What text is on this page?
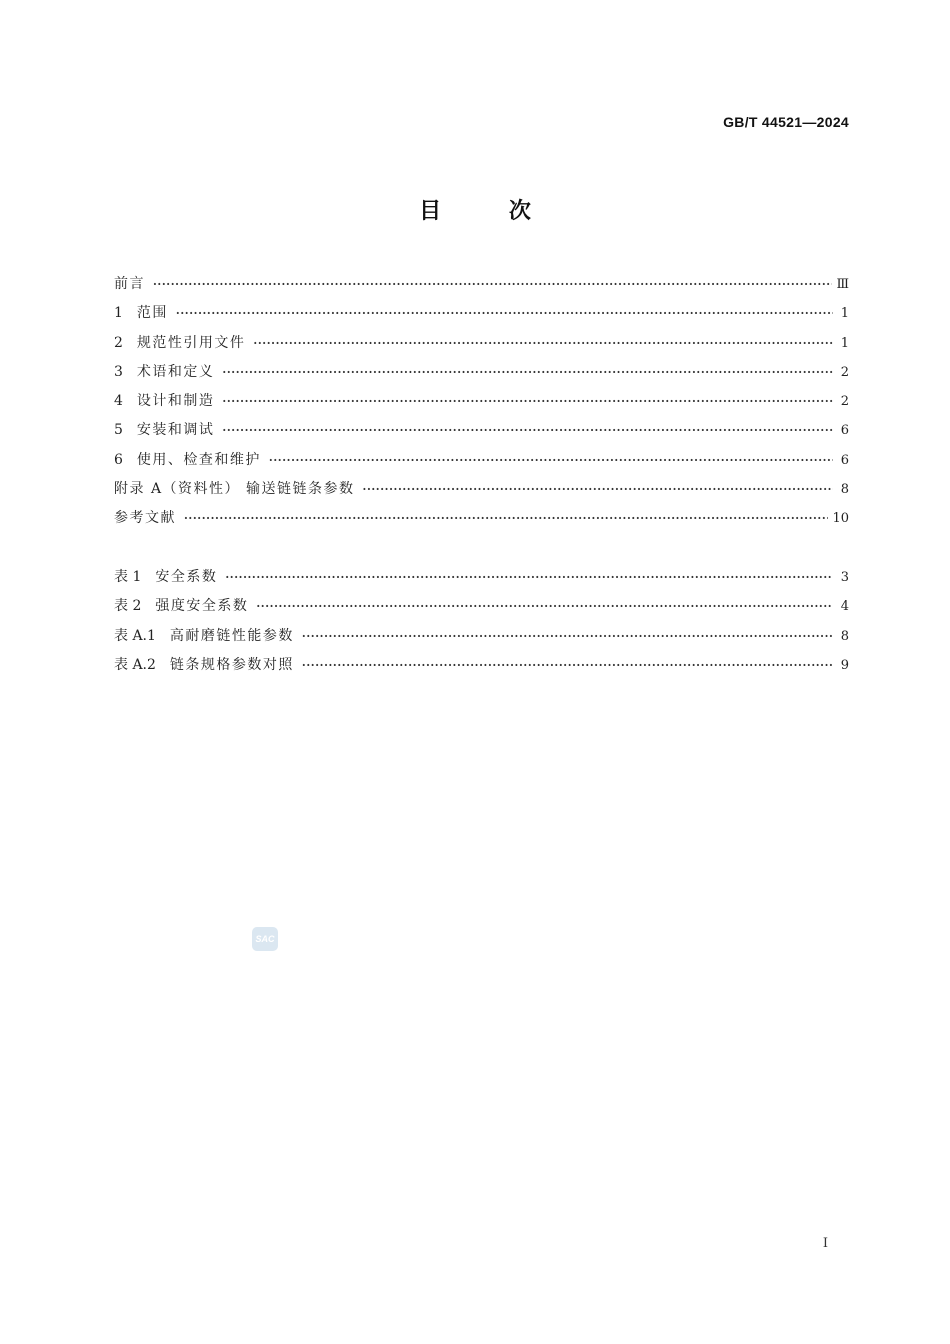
GB/T 44521—2024
目	次
前言 ·····	Ⅲ
1 范围 ·····	1
2 规范性引用文件 ·····	1
3 术语和定义 ·····	2
4 设计和制造 ·····	2
5 安装和调试 ·····	6
6 使用、检查和维护 ·····	6
附录 A（资料性） 输送链链条参数 ·····	8
参考文献 ·····	10
表 1 安全系数 ·····	3
表 2 强度安全系数 ·····	4
表 A.1 高耐磨链性能参数 ·····	8
表 A.2 链条规格参数对照 ·····	9
SAC
I
